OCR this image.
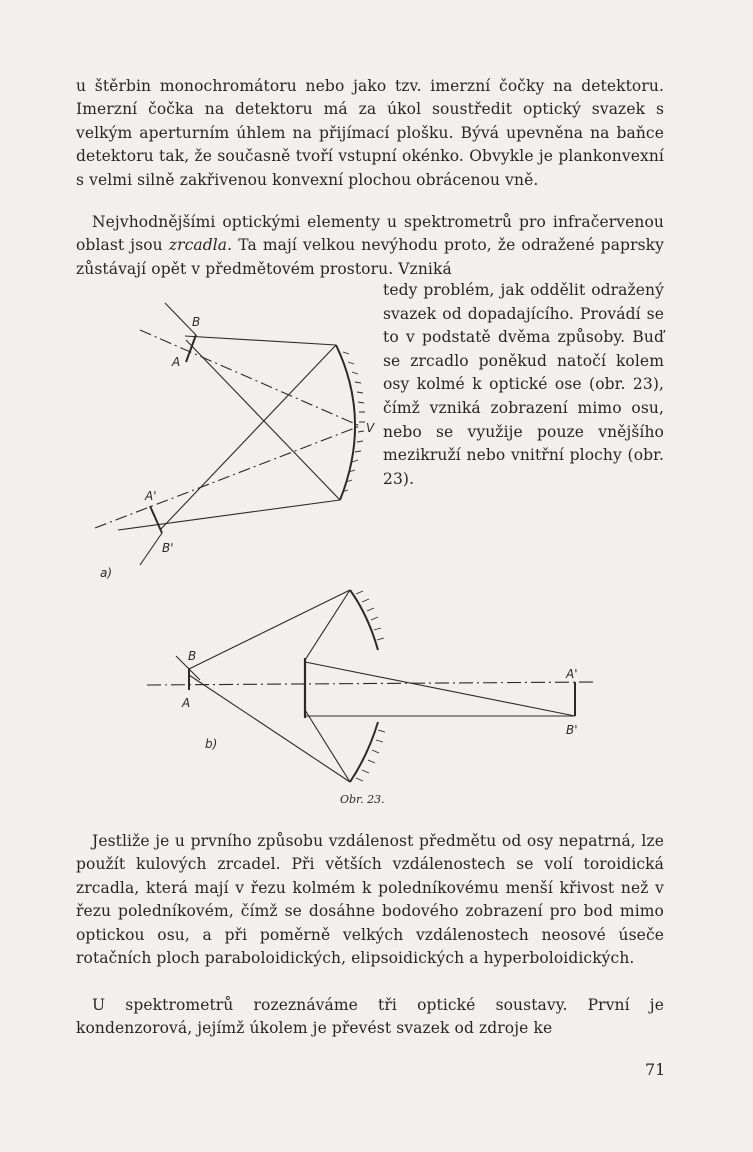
u štěrbin monochromátoru nebo jako tzv. imerzní čočky na detektoru. Imerzní čočka na detektoru má za úkol soustředit optický svazek s velkým aperturním úhlem na přijímací plošku. Bývá upevněna na baňce detektoru tak, že současně tvoří vstupní okénko. Obvykle je plankonvexní s velmi silně zakřivenou konvexní plochou obrácenou vně.

Nejvhodnějšími optickými elementy u spektrometrů pro infračervenou oblast jsou zrcadla. Ta mají velkou nevýhodu proto, že odražené paprsky zůstávají opět v předmětovém prostoru. Vzniká

tedy problém, jak oddělit odražený svazek od dopadajícího. Provádí se to v podstatě dvěma způsoby. Buď se zrcadlo poněkud natočí kolem osy kolmé k optické ose (obr. 23), čímž vzniká zobrazení mimo osu, nebo se využije pouze vnějšího mezikruží nebo vnitřní plochy (obr. 23).

B
A
V
A'
B'
a)
B
A
A'
B'
b)
Obr. 23.

Jestliže je u prvního způsobu vzdálenost předmětu od osy nepatrná, lze použít kulových zrcadel. Při větších vzdálenostech se volí toroidická zrcadla, která mají v řezu kolmém k poledníkovému menší křivost než v řezu poledníkovém, čímž se dosáhne bodového zobrazení pro bod mimo optickou osu, a při poměrně velkých vzdálenostech neosové úseče rotačních ploch paraboloidických, elipsoidických a hyperboloidických.

U spektrometrů rozeznáváme tři optické soustavy. První je kondenzorová, jejímž úkolem je převést svazek od zdroje ke

71
